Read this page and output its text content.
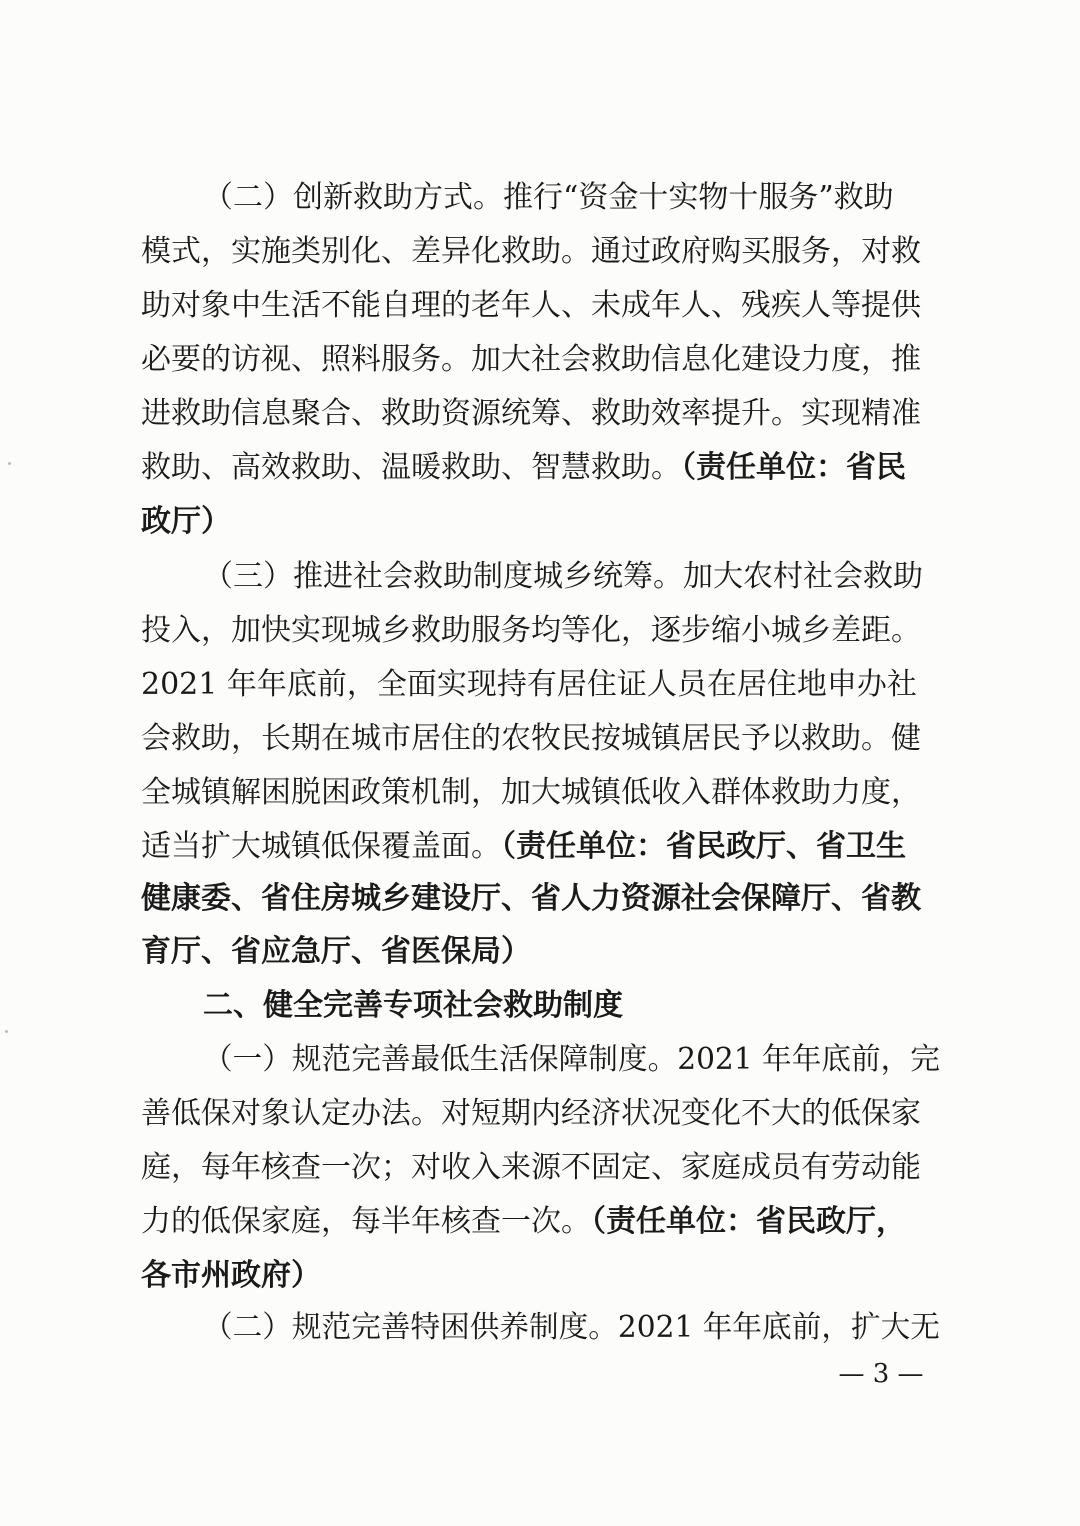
（二）创新救助方式。推行“资金十实物十服务”救助
模式，实施类别化、差异化救助。通过政府购买服务，对救
助对象中生活不能自理的老年人、未成年人、残疾人等提供
必要的访视、照料服务。加大社会救助信息化建设力度，推
进救助信息聚合、救助资源统筹、救助效率提升。实现精准
救助、高效救助、温暖救助、智慧救助。（责任单位：省民
政厅）
（三）推进社会救助制度城乡统筹。加大农村社会救助
投入，加快实现城乡救助服务均等化，逐步缩小城乡差距。
2021 年年底前，全面实现持有居住证人员在居住地申办社
会救助，长期在城市居住的农牧民按城镇居民予以救助。健
全城镇解困脱困政策机制，加大城镇低收入群体救助力度，
适当扩大城镇低保覆盖面。（责任单位：省民政厅、省卫生
健康委、省住房城乡建设厅、省人力资源社会保障厅、省教
育厅、省应急厅、省医保局）
二、健全完善专项社会救助制度
（一）规范完善最低生活保障制度。2021 年年底前，完
善低保对象认定办法。对短期内经济状况变化不大的低保家
庭，每年核查一次；对收入来源不固定、家庭成员有劳动能
力的低保家庭，每半年核查一次。（责任单位：省民政厅，
各市州政府）
（二）规范完善特困供养制度。2021 年年底前，扩大无
— 3 —
